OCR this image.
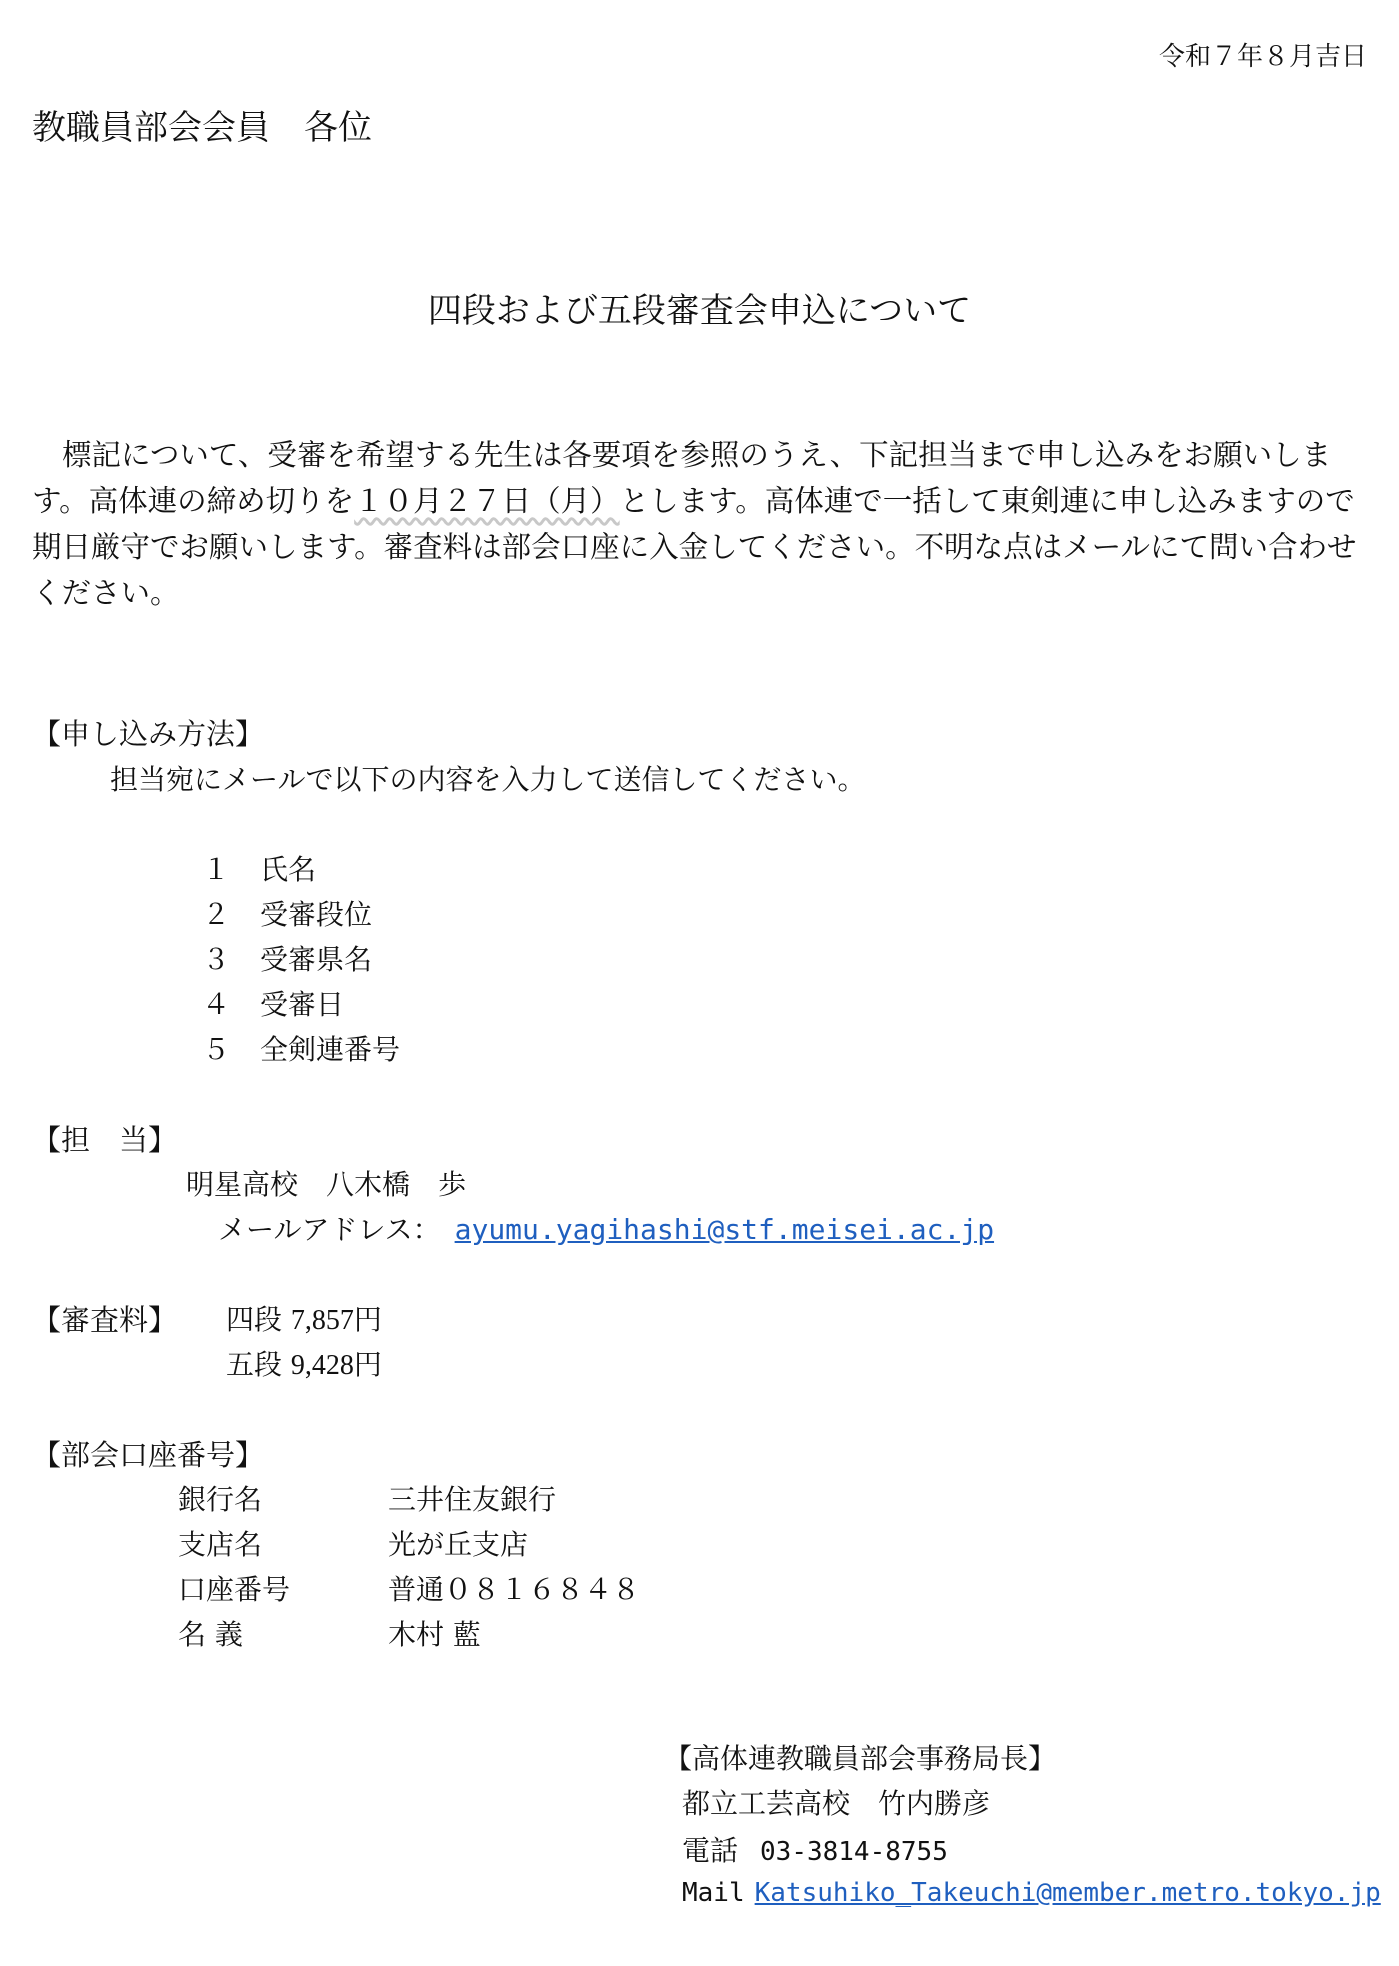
令和７年８月吉日
教職員部会会員　各位
四段および五段審査会申込について
標記について、受審を希望する先生は各要項を参照のうえ、下記担当まで申し込みをお願いします。高体連の締め切りを１０月２７日（月）とします。高体連で一括して東剣連に申し込みますので期日厳守でお願いします。審査料は部会口座に入金してください。不明な点はメールにて問い合わせください。
【申し込み方法】
担当宛にメールで以下の内容を入力して送信してください。
１ 氏名
２ 受審段位
３ 受審県名
４ 受審日
５ 全剣連番号
【担　当】
明星高校　八木橋　歩
メールアドレス： ayumu.yagihashi@stf.meisei.ac.jp
【審査料】 四段 7,857円
五段 9,428円
【部会口座番号】
銀行名	三井住友銀行
支店名	光が丘支店
口座番号	普通０８１６８４８
名 義	木村 藍
【高体連教職員部会事務局長】
都立工芸高校　竹内勝彦
電話 03-3814-8755
Mail Katsuhiko_Takeuchi@member.metro.tokyo.jp
